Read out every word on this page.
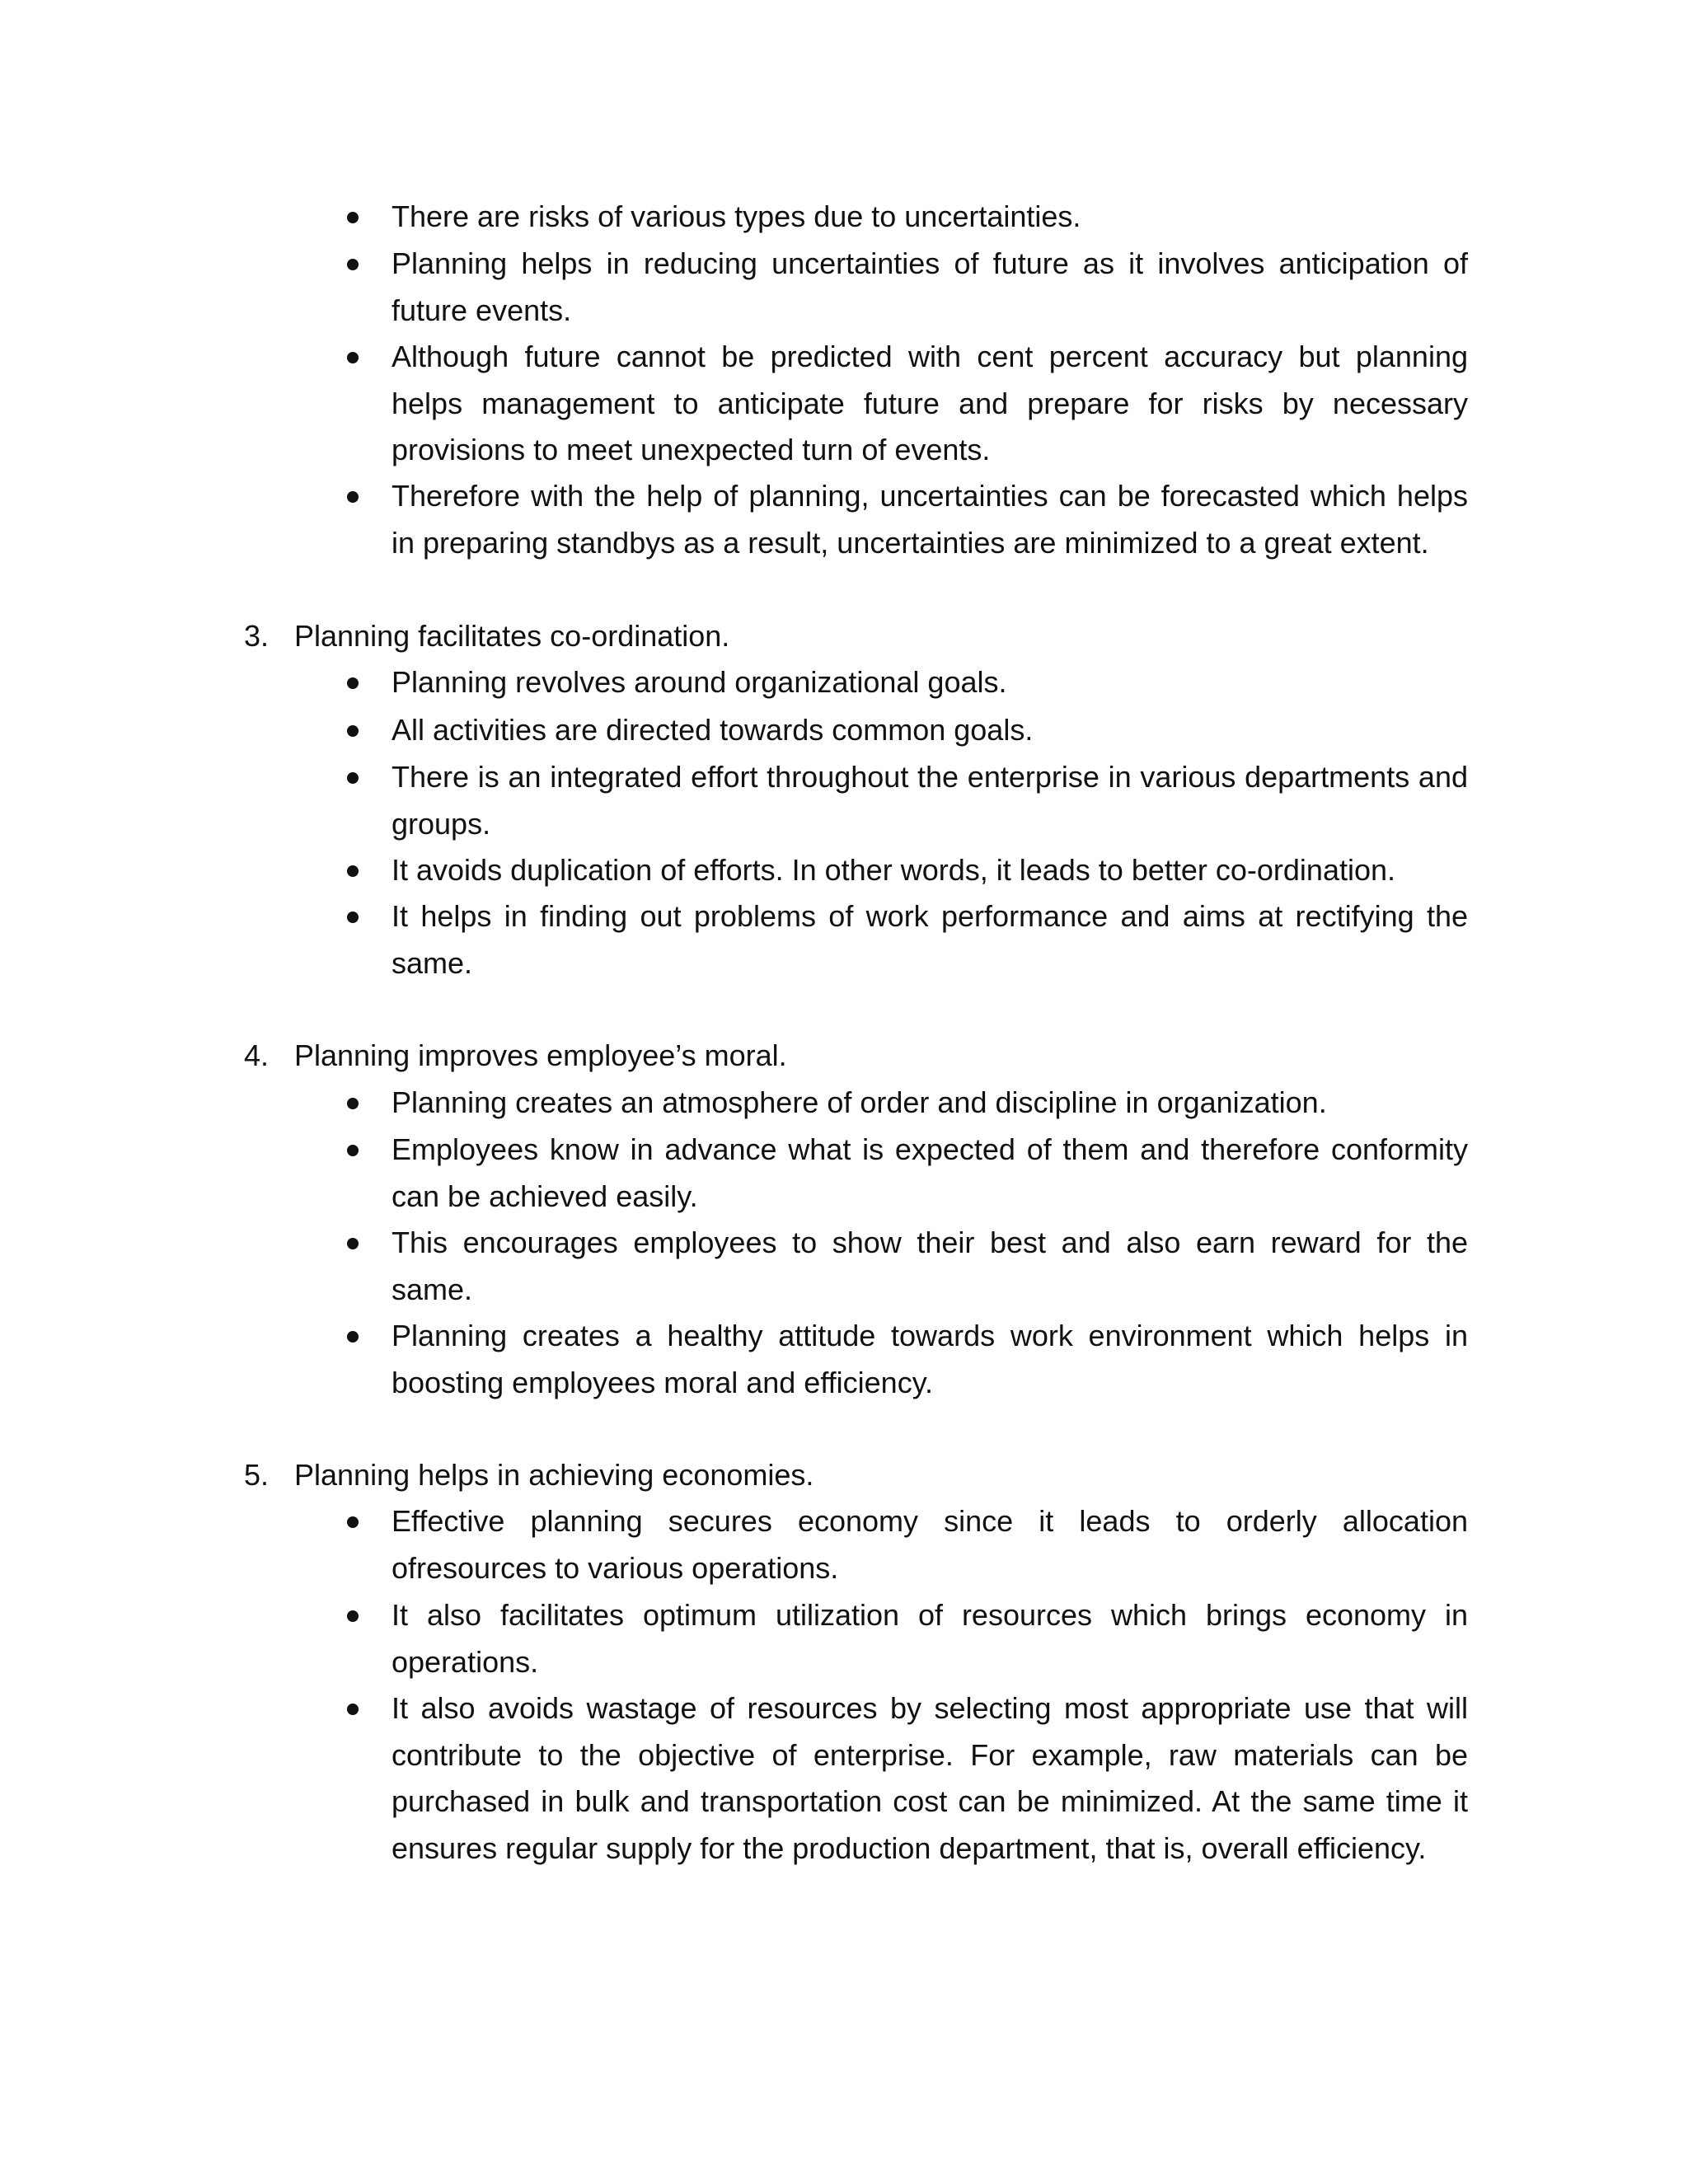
There are risks of various types due to uncertainties.

Planning helps in reducing uncertainties of future as it involves anticipation of future events.

Although future cannot be predicted with cent percent accuracy but planning helps management to anticipate future and prepare for risks by necessary provisions to meet unexpected turn of events.

Therefore with the help of planning, uncertainties can be forecasted which helps in preparing standbys as a result, uncertainties are minimized to a great extent.

3. Planning facilitates co-ordination.

Planning revolves around organizational goals.

All activities are directed towards common goals.

There is an integrated effort throughout the enterprise in various departments and groups.

It avoids duplication of efforts. In other words, it leads to better co-ordination.

It helps in finding out problems of work performance and aims at rectifying the same.

4. Planning improves employee’s moral.

Planning creates an atmosphere of order and discipline in organization.

Employees know in advance what is expected of them and therefore conformity can be achieved easily.

This encourages employees to show their best and also earn reward for the same.

Planning creates a healthy attitude towards work environment which helps in boosting employees moral and efficiency.

5. Planning helps in achieving economies.

Effective planning secures economy since it leads to orderly allocation ofresources to various operations.

It also facilitates optimum utilization of resources which brings economy in operations.

It also avoids wastage of resources by selecting most appropriate use that will contribute to the objective of enterprise. For example, raw materials can be purchased in bulk and transportation cost can be minimized. At the same time it ensures regular supply for the production department, that is, overall efficiency.
